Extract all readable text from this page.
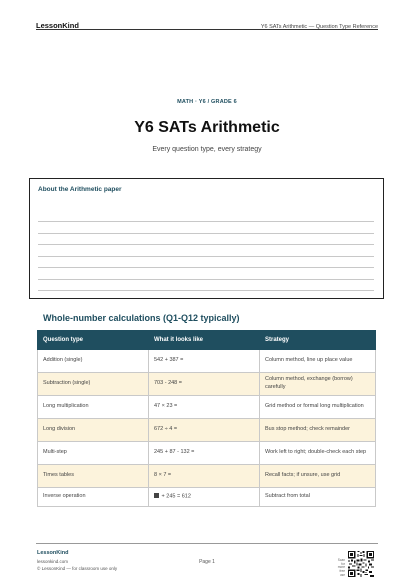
LessonKind	Y6 SATs Arithmetic — Question Type Reference
MATH · Y6 / GRADE 6
Y6 SATs Arithmetic
Every question type, every strategy
About the Arithmetic paper
Whole-number calculations (Q1-Q12 typically)
Question type	What it looks like	Strategy
Addition (single)	542 + 387 =	Column method, line up place value
Subtraction (single)	703 - 248 =	Column method, exchange (borrow) carefully
Long multiplication	47 × 23 =	Grid method or formal long multiplication
Long division	672 ÷ 4 =	Bus stop method; check remainder
Multi-step	245 + 87 - 132 =	Work left to right; double-check each step
Times tables	8 × 7 =	Recall facts; if unsure, use grid
Inverse operation	+ 245 = 612	Subtract from total
LessonKind
lessonkind.com
© LessonKind — for classroom use only
Page 1	Scan for more free use
